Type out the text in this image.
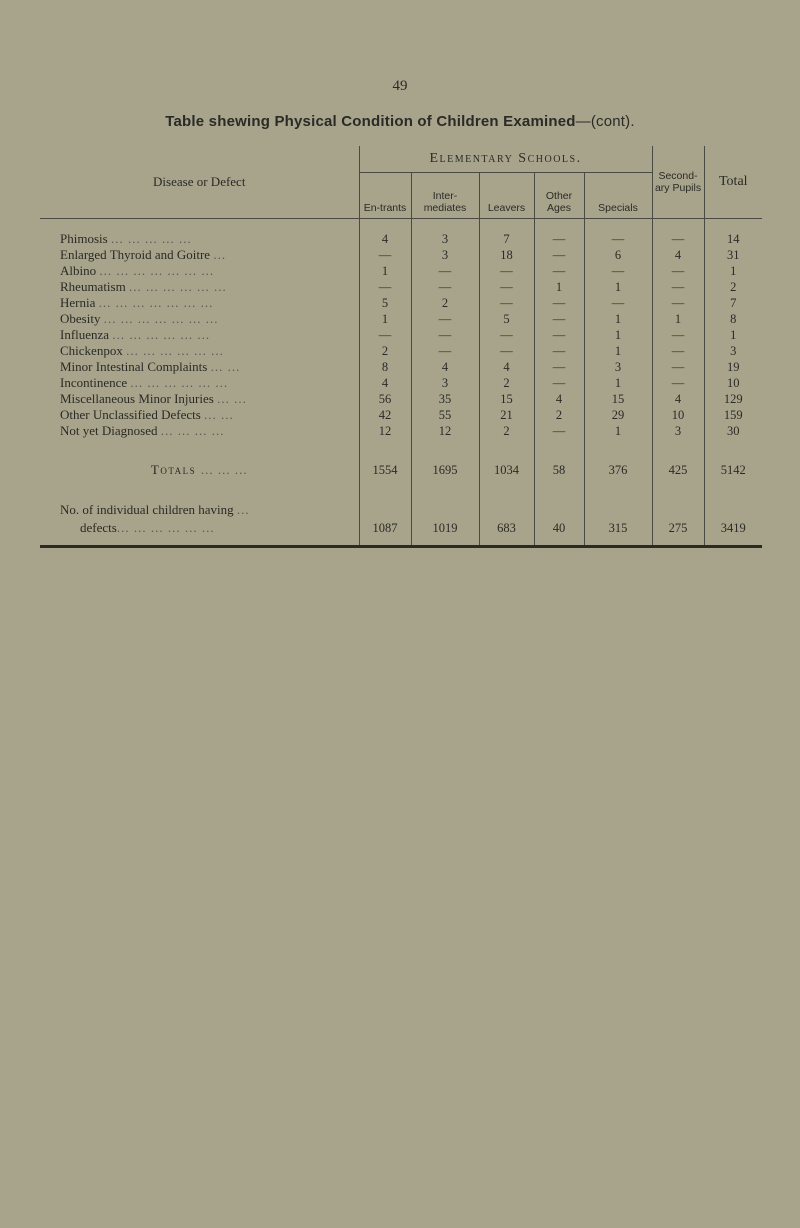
49
Table shewing Physical Condition of Children Examined—(cont).
Disease or Defect	Elementary Schools.					Second-ary Pupils	Total
	En-trants	Inter-mediates	Leavers	Other Ages	Specials		

Phimosis ... ... ... ... ...	4	3	7	—	—	—	14
Enlarged Thyroid and Goitre ...	—	3	18	—	6	4	31
Albino ... ... ... ... ... ... ...	1	—	—	—	—	—	1
Rheumatism ... ... ... ... ... ...	—	—	—	1	1	—	2
Hernia ... ... ... ... ... ... ...	5	2	—	—	—	—	7
Obesity ... ... ... ... ... ... ...	1	—	5	—	1	1	8
Influenza ... ... ... ... ... ...	—	—	—	—	1	—	1
Chickenpox ... ... ... ... ... ...	2	—	—	—	1	—	3
Minor Intestinal Complaints ... ...	8	4	4	—	3	—	19
Incontinence ... ... ... ... ... ...	4	3	2	—	1	—	10
Miscellaneous Minor Injuries ... ...	56	35	15	4	15	4	129
Other Unclassified Defects ... ...	42	55	21	2	29	10	159
Not yet Diagnosed ... ... ... ...	12	12	2	—	1	3	30

Totals ... ... ...	1554	1695	1034	58	376	425	5142

No. of individual children having ...							
defects... ... ... ... ... ...	1087	1019	683	40	315	275	3419
